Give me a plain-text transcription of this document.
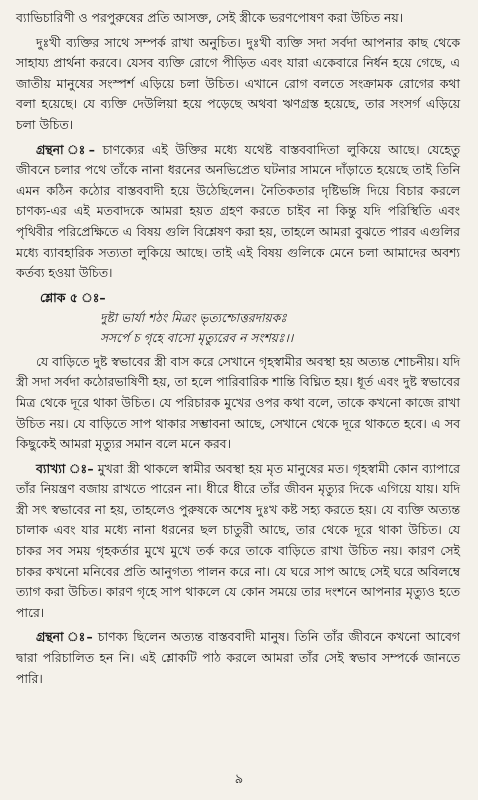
ব্যাভিচারিণী ও পরপুরুষের প্রতি আসক্ত, সেই স্ত্রীকে ভরণপোষণ করা উচিত নয়।

দুঃখী ব্যক্তির সাথে সম্পর্ক রাখা অনুচিত। দুঃখী ব্যক্তি সদা সর্বদা আপনার কাছ থেকে সাহায্য প্রার্থনা করবে। যেসব ব্যক্তি রোগে পীড়িত এবং যারা একেবারে নির্ধন হয়ে গেছে, এ জাতীয় মানুষের সংস্পর্শ এড়িয়ে চলা উচিত। এখানে রোগ বলতে সংক্রামক রোগের কথা বলা হয়েছে। যে ব্যক্তি দেউলিয়া হয়ে পড়েছে অথবা ঋণগ্রস্ত হয়েছে, তার সংসর্গ এড়িয়ে চলা উচিত।

গ্রন্থনা ঃ– চাণক্যের এই উক্তির মধ্যে যথেষ্ট বাস্তববাদিতা লুকিয়ে আছে। যেহেতু জীবনে চলার পথে তাঁকে নানা ধরনের অনভিপ্রেত ঘটনার সামনে দাঁড়াতে হয়েছে তাই তিনি এমন কঠিন কঠোর বাস্তববাদী হয়ে উঠেছিলেন। নৈতিকতার দৃষ্টিভঙ্গি দিয়ে বিচার করলে চাণক্য-এর এই মতবাদকে আমরা হয়ত গ্রহণ করতে চাইব না কিন্তু যদি পরিস্থিতি এবং পৃথিবীর পরিপ্রেক্ষিতে এ বিষয় গুলি বিশ্লেষণ করা হয়, তাহলে আমরা বুঝতে পারব এগুলির মধ্যে ব্যাবহারিক সত্যতা লুকিয়ে আছে। তাই এই বিষয় গুলিকে মেনে চলা আমাদের অবশ্য কর্তব্য হওয়া উচিত।

শ্লোক ৫ ঃ–
দুষ্টা ভার্যা শঠং মিত্রং ভৃত্যশ্চোত্তরদায়কঃ
সসর্পে চ গৃহে বাসো মৃত্যুরেব ন সংশয়ঃ।।

যে বাড়িতে দুষ্ট স্বভাবের স্ত্রী বাস করে সেখানে গৃহস্বামীর অবস্থা হয় অত্যন্ত শোচনীয়। যদি স্ত্রী সদা সর্বদা কঠোরভাষিণী হয়, তা হলে পারিবারিক শান্তি বিঘ্নিত হয়। ধূর্ত এবং দুষ্ট স্বভাবের মিত্র থেকে দূরে থাকা উচিত। যে পরিচারক মুখের ওপর কথা বলে, তাকে কখনো কাজে রাখা উচিত নয়। যে বাড়িতে সাপ থাকার সম্ভাবনা আছে, সেখানে থেকে দূরে থাকতে হবে। এ সব কিছুকেই আমরা মৃত্যুর সমান বলে মনে করব।

ব্যাখ্যা ঃ– মুখরা স্ত্রী থাকলে স্বামীর অবস্থা হয় মৃত মানুষের মত। গৃহস্বামী কোন ব্যাপারে তাঁর নিয়ন্ত্রণ বজায় রাখতে পারেন না। ধীরে ধীরে তাঁর জীবন মৃত্যুর দিকে এগিয়ে যায়। যদি স্ত্রী সৎ স্বভাবের না হয়, তাহলেও পুরুষকে অশেষ দুঃখ কষ্ট সহ্য করতে হয়। যে ব্যক্তি অত্যন্ত চালাক এবং যার মধ্যে নানা ধরনের ছল চাতুরী আছে, তার থেকে দূরে থাকা উচিত। যে চাকর সব সময় গৃহকর্তার মুখে মুখে তর্ক করে তাকে বাড়িতে রাখা উচিত নয়। কারণ সেই চাকর কখনো মনিবের প্রতি আনুগত্য পালন করে না। যে ঘরে সাপ আছে সেই ঘরে অবিলম্বে ত্যাগ করা উচিত। কারণ গৃহে সাপ থাকলে যে কোন সময়ে তার দংশনে আপনার মৃত্যুও হতে পারে।

গ্রন্থনা ঃ– চাণক্য ছিলেন অত্যন্ত বাস্তববাদী মানুষ। তিনি তাঁর জীবনে কখনো আবেগ দ্বারা পরিচালিত হন নি। এই শ্লোকটি পাঠ করলে আমরা তাঁর সেই স্বভাব সম্পর্কে জানতে পারি।

৯
